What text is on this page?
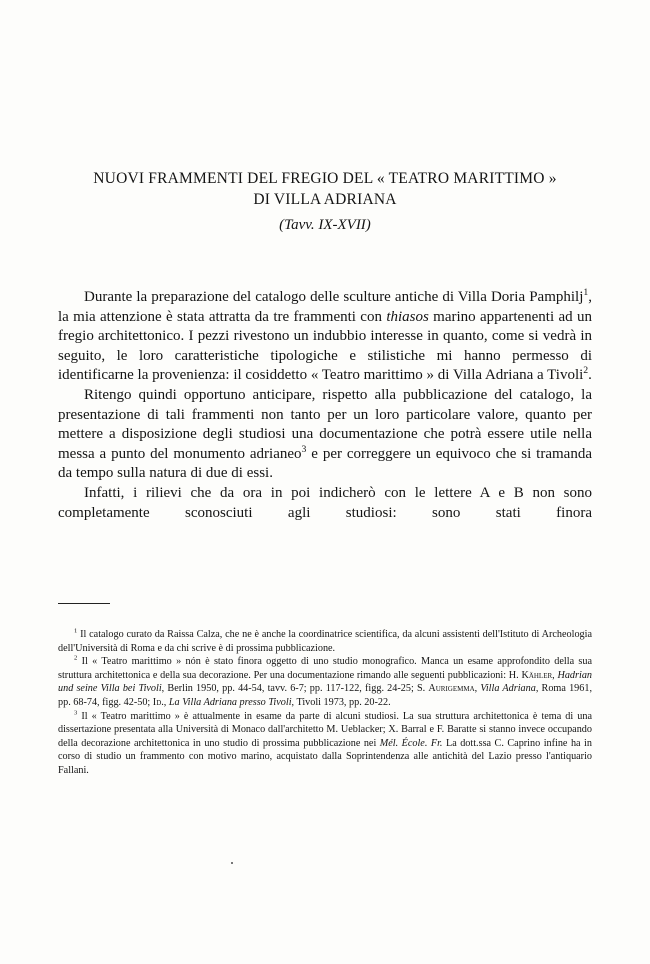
NUOVI FRAMMENTI DEL FREGIO DEL « TEATRO MARITTIMO »
DI VILLA ADRIANA
(Tavv. IX-XVII)

Durante la preparazione del catalogo delle sculture antiche di Villa Doria Pamphilj$^1$, la mia attenzione è stata attratta da tre frammenti con thiasos marino appartenenti ad un fregio architettonico. I pezzi rivestono un indubbio interesse in quanto, come si vedrà in seguito, le loro caratteristiche tipologiche e stilistiche mi hanno permesso di identificarne la provenienza: il cosiddetto « Teatro marittimo » di Villa Adriana a Tivoli$^2$.

Ritengo quindi opportuno anticipare, rispetto alla pubblicazione del catalogo, la presentazione di tali frammenti non tanto per un loro particolare valore, quanto per mettere a disposizione degli studiosi una documentazione che potrà essere utile nella messa a punto del monumento adrianeo$^3$ e per correggere un equivoco che si tramanda da tempo sulla natura di due di essi.

Infatti, i rilievi che da ora in poi indicherò con le lettere A e B non sono completamente sconosciuti agli studiosi: sono stati finora

$^1$ Il catalogo curato da Raissa Calza, che ne è anche la coordinatrice scientifica, da alcuni assistenti dell'Istituto di Archeologia dell'Università di Roma e da chi scrive è di prossima pubblicazione.

$^2$ Il « Teatro marittimo » nón è stato finora oggetto di uno studio monografico. Manca un esame approfondito della sua struttura architettonica e della sua decorazione. Per una documentazione rimando alle seguenti pubblicazioni: H. Kähler, Hadrian und seine Villa bei Tivoli, Berlin 1950, pp. 44-54, tavv. 6-7; pp. 117-122, figg. 24-25; S. Aurigemma, Villa Adriana, Roma 1961, pp. 68-74, figg. 42-50; Id., La Villa Adriana presso Tivoli, Tivoli 1973, pp. 20-22.

$^3$ Il « Teatro marittimo » è attualmente in esame da parte di alcuni studiosi. La sua struttura architettonica è tema di una dissertazione presentata alla Università di Monaco dall'architetto M. Ueblacker; X. Barral e F. Baratte si stanno invece occupando della decorazione architettonica in uno studio di prossima pubblicazione nei Mél. École. Fr. La dott.ssa C. Caprino infine ha in corso di studio un frammento con motivo marino, acquistato dalla Soprintendenza alle antichità del Lazio presso l'antiquario Fallani.
